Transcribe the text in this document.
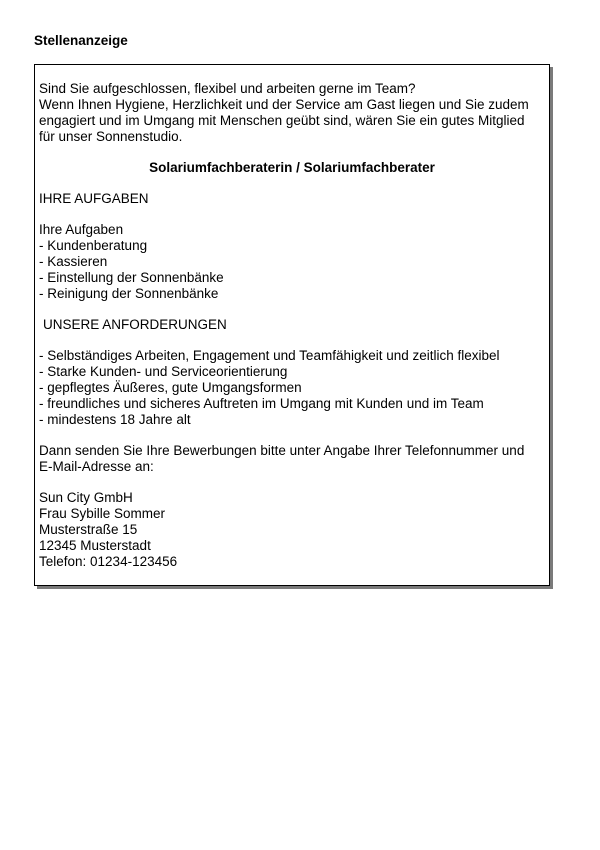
Stellenanzeige
Sind Sie aufgeschlossen, flexibel und arbeiten gerne im Team?
Wenn Ihnen Hygiene, Herzlichkeit und der Service am Gast liegen und Sie zudem
engagiert und im Umgang mit Menschen geübt sind, wären Sie ein gutes Mitglied
für unser Sonnenstudio.
Solariumfachberaterin / Solariumfachberater
IHRE AUFGABEN
Ihre Aufgaben
- Kundenberatung
- Kassieren
- Einstellung der Sonnenbänke
- Reinigung der Sonnenbänke
UNSERE ANFORDERUNGEN
- Selbständiges Arbeiten, Engagement und Teamfähigkeit und zeitlich flexibel
- Starke Kunden- und Serviceorientierung
- gepflegtes Äußeres, gute Umgangsformen
- freundliches und sicheres Auftreten im Umgang mit Kunden und im Team
- mindestens 18 Jahre alt
Dann senden Sie Ihre Bewerbungen bitte unter Angabe Ihrer Telefonnummer und
E-Mail-Adresse an:
Sun City GmbH
Frau Sybille Sommer
Musterstraße 15
12345 Musterstadt
Telefon: 01234-123456
